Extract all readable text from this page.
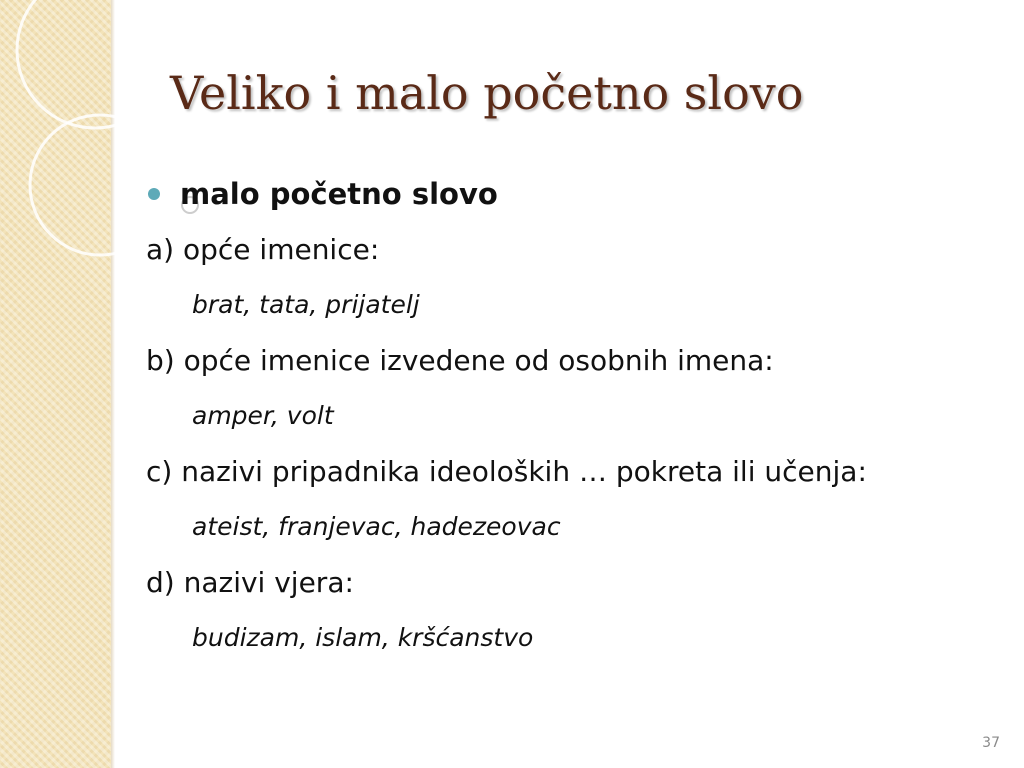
Veliko i malo početno slovo
malo početno slovo
a) opće imenice:
brat, tata, prijatelj
b) opće imenice izvedene od osobnih imena:
amper, volt
c) nazivi pripadnika ideoloških … pokreta ili učenja:
ateist, franjevac, hadezeovac
d) nazivi vjera:
budizam, islam, kršćanstvo
37
